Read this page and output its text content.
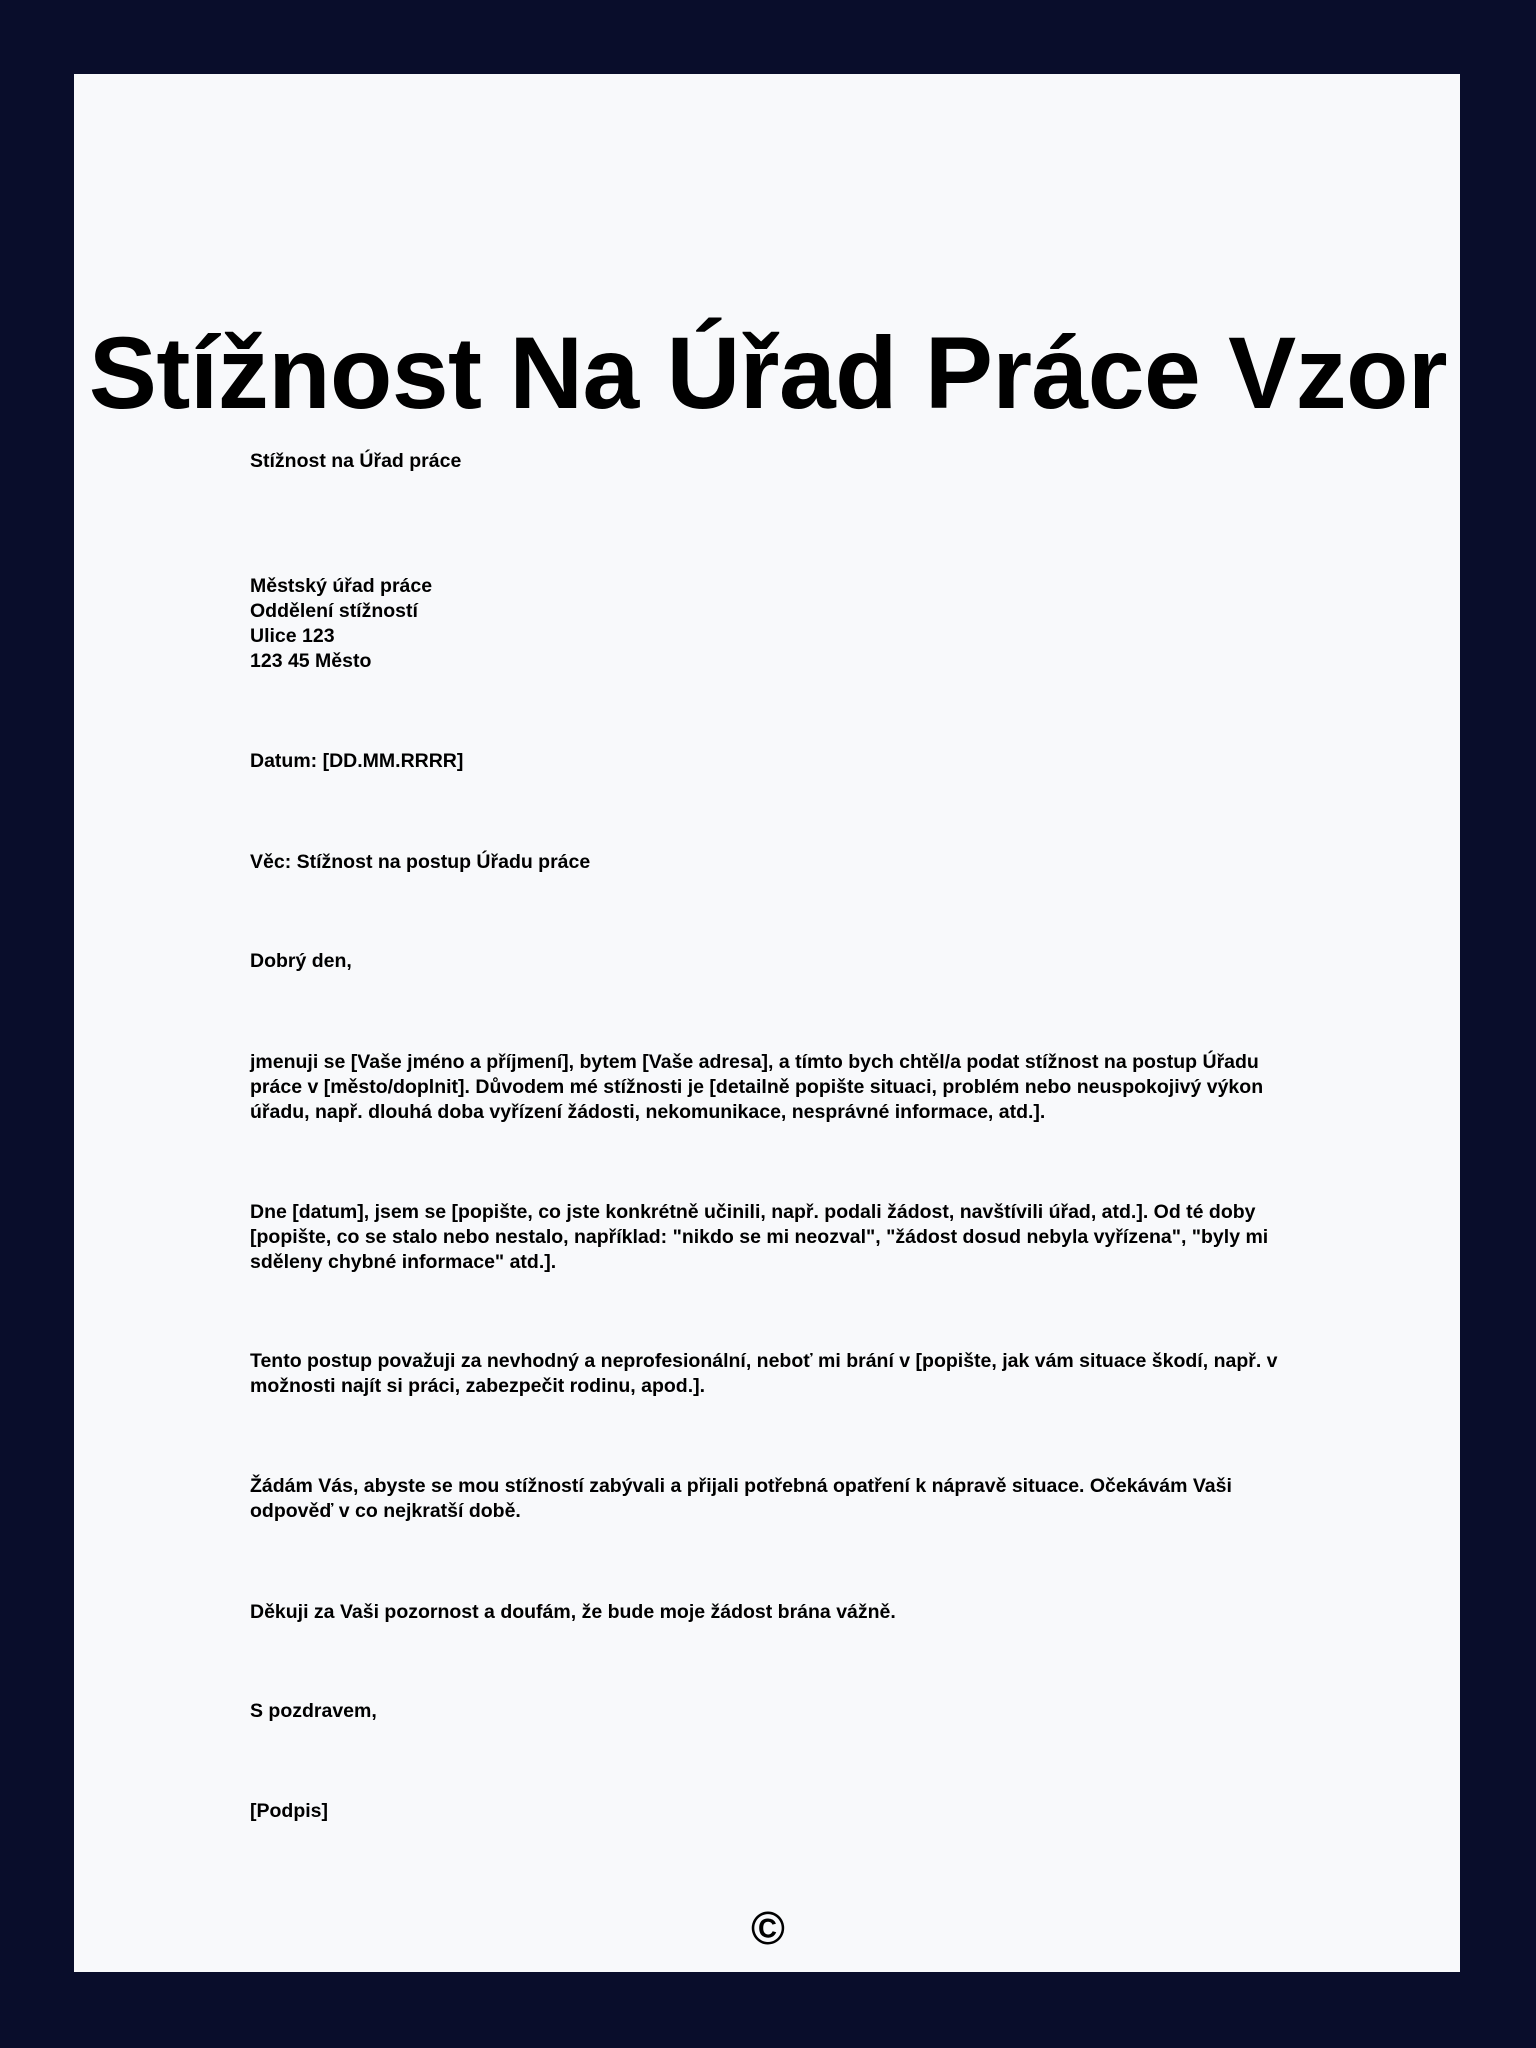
Stížnost Na Úřad Práce Vzor
Stížnost na Úřad práce

Městský úřad práce

Oddělení stížností

Ulice 123

123 45 Město

Datum: [DD.MM.RRRR]
Věc: Stížnost na postup Úřadu práce
Dobrý den,
jmenuji se [Vaše jméno a příjmení], bytem [Vaše adresa], a tímto bych chtěl/a podat stížnost na postup Úřadu práce v [město/doplnit]. Důvodem mé stížnosti je [detailně popište situaci, problém nebo neuspokojivý výkon úřadu, např. dlouhá doba vyřízení žádosti, nekomunikace, nesprávné informace, atd.].
Dne [datum], jsem se [popište, co jste konkrétně učinili, např. podali žádost, navštívili úřad, atd.]. Od té doby [popište, co se stalo nebo nestalo, například: "nikdo se mi neozval", "žádost dosud nebyla vyřízena", "byly mi sděleny chybné informace" atd.].
Tento postup považuji za nevhodný a neprofesionální, neboť mi brání v [popište, jak vám situace škodí, např. v možnosti najít si práci, zabezpečit rodinu, apod.].
Žádám Vás, abyste se mou stížností zabývali a přijali potřebná opatření k nápravě situace. Očekávám Vaši odpověď v co nejkratší době.
Děkuji za Vaši pozornost a doufám, že bude moje žádost brána vážně.
S pozdravem,
[Podpis]
©
